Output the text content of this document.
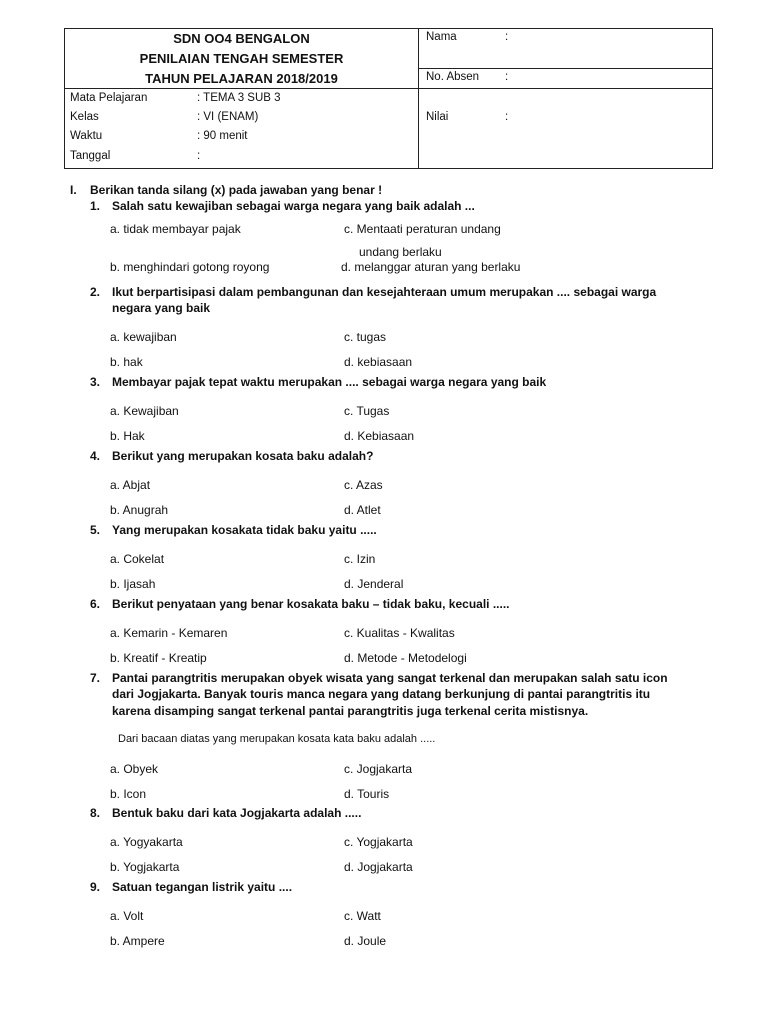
SDN OO4 BENGALON
PENILAIAN TENGAH SEMESTER
TAHUN PELAJARAN 2018/2019
Mata Pelajaran	: TEMA 3 SUB 3
Kelas	: VI (ENAM)
Waktu	: 90 menit
Tanggal	:
Nama	:
No. Absen :
Nilai	:
I. Berikan tanda silang (x) pada jawaban yang benar !
1. Salah satu kewajiban sebagai warga negara yang baik adalah ...
a. tidak membayar pajak	c. Mentaati peraturan undang
undang berlaku
b. menghindari gotong royong	d. melanggar aturan yang berlaku
2. Ikut berpartisipasi dalam pembangunan dan kesejahteraan umum merupakan .... sebagai warga
negara yang baik
a. kewajiban	c. tugas
b. hak	d. kebiasaan
3. Membayar pajak tepat waktu merupakan .... sebagai warga negara yang baik
a. Kewajiban	c. Tugas
b. Hak	d. Kebiasaan
4. Berikut yang merupakan kosata baku adalah?
a. Abjat	c. Azas
b. Anugrah	d. Atlet
5. Yang merupakan kosakata tidak baku yaitu .....
a. Cokelat	c. Izin
b. Ijasah	d. Jenderal
6. Berikut penyataan yang benar kosakata baku – tidak baku, kecuali .....
a. Kemarin - Kemaren	c. Kualitas - Kwalitas
b. Kreatif - Kreatip	d. Metode - Metodelogi
7. Pantai parangtritis merupakan obyek wisata yang sangat terkenal dan merupakan salah satu icon
dari Jogjakarta. Banyak touris manca negara yang datang berkunjung di pantai parangtritis itu
karena disamping sangat terkenal pantai parangtritis juga terkenal cerita mistisnya.
Dari bacaan diatas yang merupakan kosata kata baku adalah .....
a. Obyek	c. Jogjakarta
b. Icon	d. Touris
8. Bentuk baku dari kata Jogjakarta adalah .....
a. Yogyakarta	c. Yogjakarta
b. Yogjakarta	d. Jogjakarta
9. Satuan tegangan listrik yaitu ....
a. Volt	c. Watt
b. Ampere	d. Joule
